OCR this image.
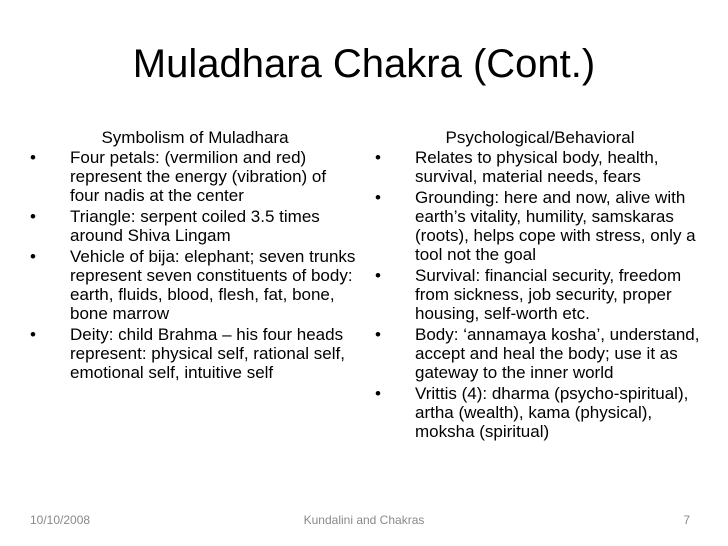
Muladhara Chakra (Cont.)
Symbolism of Muladhara
•	Four petals: (vermilion and red) represent the energy (vibration) of four nadis at the center
•	Triangle: serpent coiled 3.5 times around Shiva Lingam
•	Vehicle of bija: elephant; seven trunks represent seven constituents of body: earth, fluids, blood, flesh, fat, bone, bone marrow
•	Deity: child Brahma – his four heads represent: physical self, rational self, emotional self, intuitive self
Psychological/Behavioral
•	Relates to physical body, health, survival, material needs, fears
•	Grounding: here and now, alive with earth’s vitality, humility, samskaras (roots), helps cope with stress, only a tool not the goal
•	Survival: financial security, freedom from sickness, job security, proper housing, self-worth etc.
•	Body: ‘annamaya kosha’, understand, accept and heal the body; use it as gateway to the inner world
•	Vrittis (4): dharma (psycho-spiritual), artha (wealth), kama (physical), moksha (spiritual)
10/10/2008	Kundalini and Chakras	7
